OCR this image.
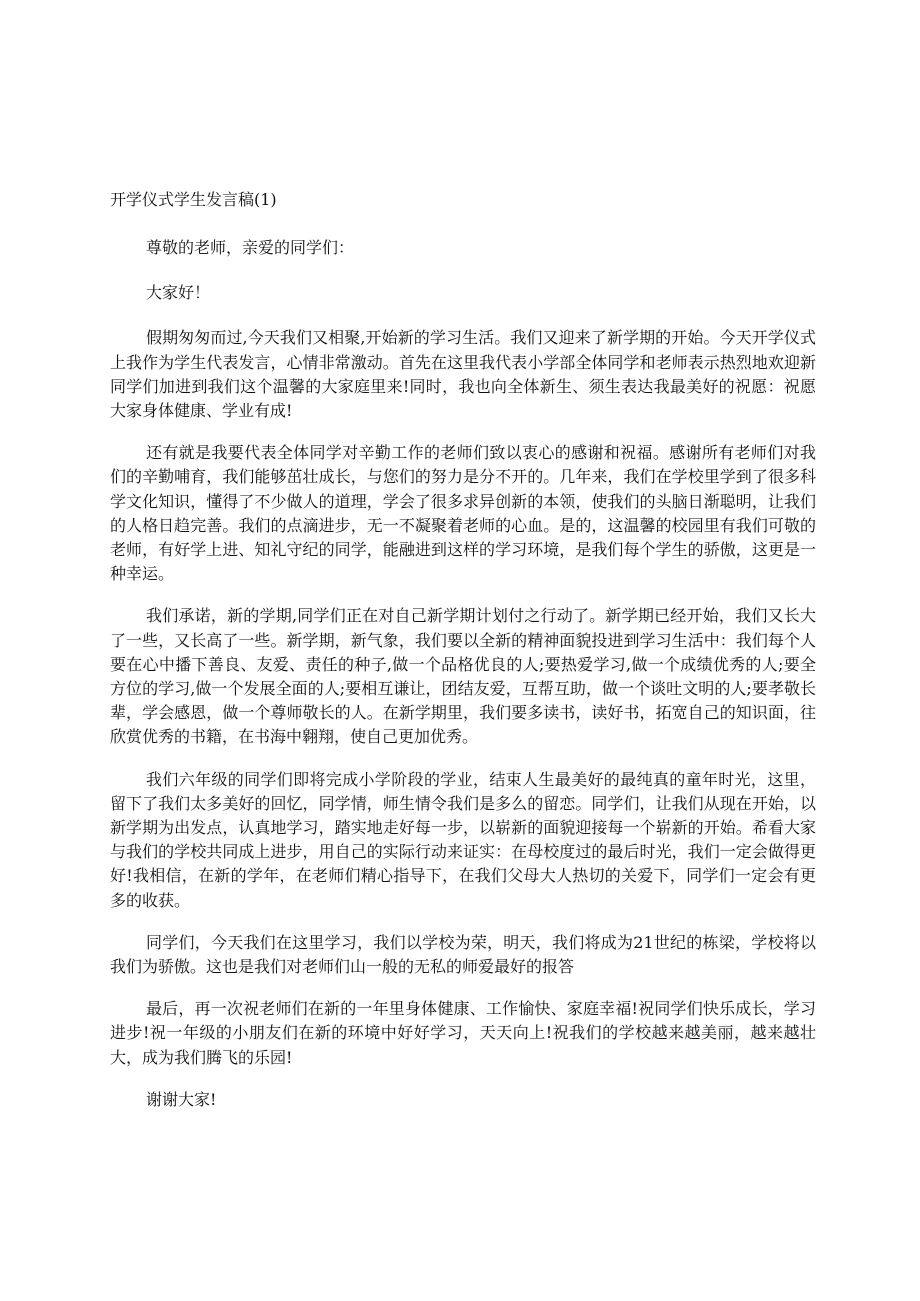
开学仪式学生发言稿(1)

尊敬的老师，亲爱的同学们：

大家好！

假期匆匆而过,今天我们又相聚,开始新的学习生活。我们又迎来了新学期的开始。今天开学仪式上我作为学生代表发言，心情非常激动。首先在这里我代表小学部全体同学和老师表示热烈地欢迎新同学们加进到我们这个温馨的大家庭里来!同时，我也向全体新生、须生表达我最美好的祝愿：祝愿大家身体健康、学业有成!

还有就是我要代表全体同学对辛勤工作的老师们致以衷心的感谢和祝福。感谢所有老师们对我们的辛勤哺育，我们能够茁壮成长，与您们的努力是分不开的。几年来，我们在学校里学到了很多科学文化知识，懂得了不少做人的道理，学会了很多求异创新的本领，使我们的头脑日渐聪明，让我们的人格日趋完善。我们的点滴进步，无一不凝聚着老师的心血。是的，这温馨的校园里有我们可敬的老师，有好学上进、知礼守纪的同学，能融进到这样的学习环境，是我们每个学生的骄傲，这更是一种幸运。

我们承诺，新的学期,同学们正在对自己新学期计划付之行动了。新学期已经开始，我们又长大了一些，又长高了一些。新学期，新气象，我们要以全新的精神面貌投进到学习生活中：我们每个人要在心中播下善良、友爱、责任的种子,做一个品格优良的人;要热爱学习,做一个成绩优秀的人;要全方位的学习,做一个发展全面的人;要相互谦让，团结友爱，互帮互助，做一个谈吐文明的人;要孝敬长辈，学会感恩，做一个尊师敬长的人。在新学期里，我们要多读书，读好书，拓宽自己的知识面，往欣赏优秀的书籍，在书海中翱翔，使自己更加优秀。

我们六年级的同学们即将完成小学阶段的学业，结束人生最美好的最纯真的童年时光，这里，留下了我们太多美好的回忆，同学情，师生情令我们是多么的留恋。同学们，让我们从现在开始，以新学期为出发点，认真地学习，踏实地走好每一步，以崭新的面貌迎接每一个崭新的开始。希看大家与我们的学校共同成上进步，用自己的实际行动来证实：在母校度过的最后时光，我们一定会做得更好!我相信，在新的学年，在老师们精心指导下，在我们父母大人热切的关爱下，同学们一定会有更多的收获。

同学们，今天我们在这里学习，我们以学校为荣，明天，我们将成为21世纪的栋梁，学校将以我们为骄傲。这也是我们对老师们山一般的无私的师爱最好的报答

最后，再一次祝老师们在新的一年里身体健康、工作愉快、家庭幸福!祝同学们快乐成长，学习进步!祝一年级的小朋友们在新的环境中好好学习，天天向上!祝我们的学校越来越美丽，越来越壮大，成为我们腾飞的乐园!

谢谢大家!
